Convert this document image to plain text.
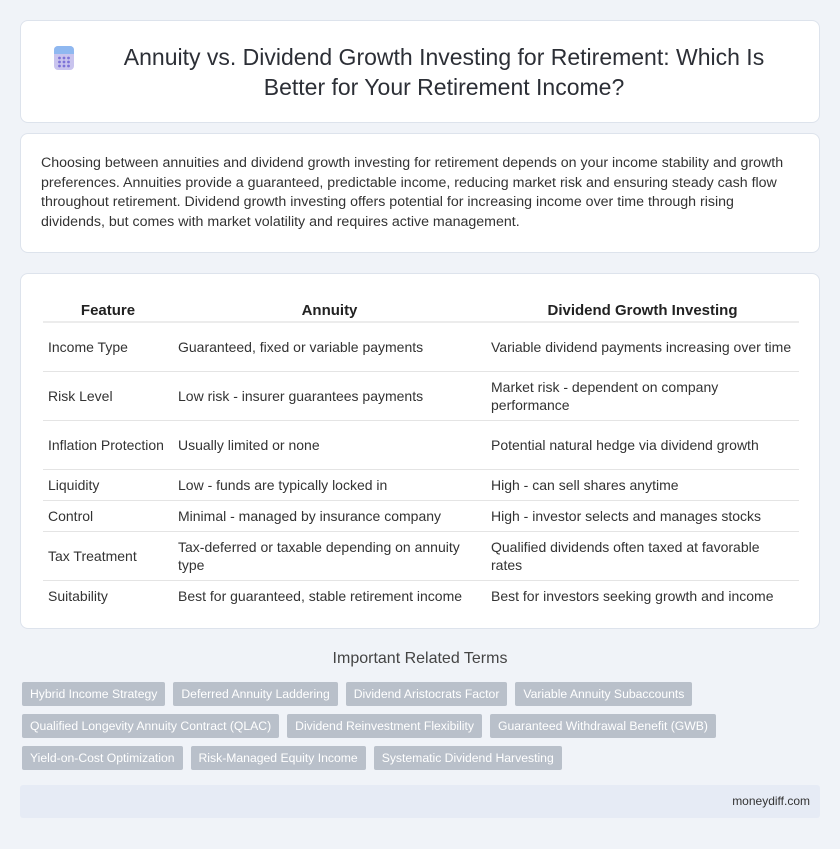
Annuity vs. Dividend Growth Investing for Retirement: Which Is Better for Your Retirement Income?

Choosing between annuities and dividend growth investing for retirement depends on your income stability and growth preferences. Annuities provide a guaranteed, predictable income, reducing market risk and ensuring steady cash flow throughout retirement. Dividend growth investing offers potential for increasing income over time through rising dividends, but comes with market volatility and requires active management.

Feature	Annuity	Dividend Growth Investing
Income Type	Guaranteed, fixed or variable payments	Variable dividend payments increasing over time
Risk Level	Low risk - insurer guarantees payments	Market risk - dependent on company performance
Inflation Protection	Usually limited or none	Potential natural hedge via dividend growth
Liquidity	Low - funds are typically locked in	High - can sell shares anytime
Control	Minimal - managed by insurance company	High - investor selects and manages stocks
Tax Treatment	Tax-deferred or taxable depending on annuity type	Qualified dividends often taxed at favorable rates
Suitability	Best for guaranteed, stable retirement income	Best for investors seeking growth and income
Important Related Terms
Hybrid Income Strategy	Deferred Annuity Laddering	Dividend Aristocrats Factor	Variable Annuity Subaccounts
Qualified Longevity Annuity Contract (QLAC)	Dividend Reinvestment Flexibility	Guaranteed Withdrawal Benefit (GWB)
Yield-on-Cost Optimization	Risk-Managed Equity Income	Systematic Dividend Harvesting
moneydiff.com
